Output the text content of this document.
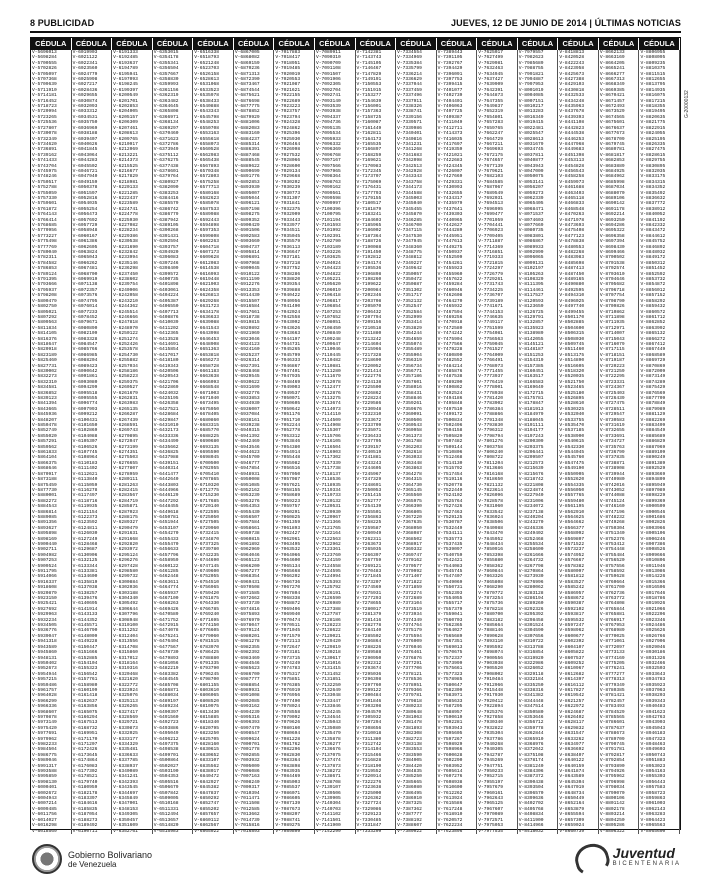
8 PUBLICIDAD	JUEVES, 12 DE JUNIO DE 2014 | ÚLTIMAS NOTICIAS
G-20000132
CÉDULA	CÉDULA	CÉDULA	CÉDULA	CÉDULA	CÉDULA	CÉDULA	CÉDULA	CÉDULA	CÉDULA	CÉDULA	CÉDULA	CÉDULA	CÉDULA	CÉDULA	CÉDULA
V-5696013
V-5698284
V-5700555
V-5702826
V-5705097
V-5707368
V-5709639
V-5711910
V-5714181
V-5716452
V-5718723
V-5720994
V-5723265
V-5725536
V-5727807
V-5730078
V-5732349
V-5734620
V-5736891
V-5739162
V-5741433
V-5743704
V-5745975
V-5748246
V-5750517
V-5752788
V-5755059
V-5757330
V-5759601
V-5761872
V-5764143
V-5766414
V-5768685
V-5770956
V-5773227
V-5775498
V-5777769
V-5780040
V-5782311
V-5784582
V-5786853
V-5789124
V-5791395
V-5793666
V-5795937
V-5798208
V-5800479
V-5802750
V-5805021
V-5807292
V-5809563
V-5811834
V-5814105
V-5816376
V-5818647
V-5820918
V-5823189
V-5825460
V-5827731
V-5830002
V-5832273
V-5832310
V-5834581
V-5836852
V-5839123
V-5841394
V-5843665
V-5845936
V-5848207
V-5850478
V-5852749
V-5855020
V-5857291
V-5859562
V-5861833
V-5864104
V-5866375
V-5868646
V-5870917
V-5873188
V-5875459
V-5877730
V-5880001
V-5882272
V-5884543
V-5886814
V-5889085
V-5891356
V-5893627
V-5895898
V-5898169
V-5900440
V-5902711
V-5904982
V-5907253
V-5909524
V-5911795
V-5914066
V-5916337
V-5918608
V-5920879
V-5923150
V-5925421
V-5927692
V-5929963
V-5932234
V-5934505
V-5936776
V-5939047
V-5941318
V-5943589
V-5945860
V-5948131
V-5950402
V-5952673
V-5954944
V-5957215
V-5959486
V-5961757
V-5964028
V-5966299
V-5966336
V-5968607
V-5970878
V-5973149
V-5975420
V-5977691
V-5979962
V-5982233
V-5984504
V-5986775
V-5989046
V-5991317
V-5993588
V-5995859
V-5998130
V-6000401
V-6002672
V-6004943
V-6007214
V-6009485
V-6011756
V-6014027
V-6016298
V-6018569
V-6019903
V-6021122
V-6022341
V-6023560
V-6024779
V-6025998
V-6027217
V-6028436
V-6029655
V-6030874
V-6032093
V-6033312
V-6034531
V-6035750
V-6036969
V-6038188
V-6039407
V-6040626
V-6041845
V-6043064
V-6044283
V-6045502
V-6046721
V-6047940
V-6049159
V-6050378
V-6051597
V-6052816
V-6054035
V-6055254
V-6056473
V-6057692
V-6057729
V-6058948
V-6060167
V-6061386
V-6062605
V-6063824
V-6065043
V-6066262
V-6067481
V-6068700
V-6069919
V-6071138
V-6072357
V-6073576
V-6074795
V-6076014
V-6077233
V-6078452
V-6079671
V-6080890
V-6082109
V-6083328
V-6084547
V-6085766
V-6086985
V-6088204
V-6089423
V-6090642
V-6091861
V-6093080
V-6094299
V-6095518
V-6095555
V-6096774
V-6097993
V-6099212
V-6100431
V-6101650
V-6102869
V-6104088
V-6105307
V-6106526
V-6107745
V-6108964
V-6110183
V-6111402
V-6112621
V-6113840
V-6115059
V-6116278
V-6117497
V-6118716
V-6119935
V-6121154
V-6122373
V-6123592
V-6124811
V-6126030
V-6127249
V-6128468
V-6129687
V-6130906
V-6132125
V-6133344
V-6133381
V-6134600
V-6135819
V-6137038
V-6138257
V-6139476
V-6140695
V-6141914
V-6143133
V-6144352
V-6145571
V-6146790
V-6148009
V-6149228
V-6150447
V-6151666
V-6152885
V-6154104
V-6155323
V-6156542
V-6157761
V-6158980
V-6160199
V-6161418
V-6162637
V-6163856
V-6165075
V-6166294
V-6167513
V-6168732
V-6169951
V-6171170
V-6171207
V-6172426
V-6173645
V-6174864
V-6176083
V-6177302
V-6178521
V-6179740
V-6180959
V-6182178
V-6183397
V-6184616
V-6185835
V-6187054
V-6188273
V-6189492
V-6190711
V-6191333
V-6192485
V-6193637
V-6194789
V-6195941
V-6197093
V-6198245
V-6199397
V-6200549
V-6201701
V-6202853
V-6204005
V-6205157
V-6206309
V-6207461
V-6208613
V-6209765
V-6210917
V-6212069
V-6213221
V-6214373
V-6215525
V-6216677
V-6217829
V-6218981
V-6220133
V-6221285
V-6222437
V-6223589
V-6224741
V-6224778
V-6225930
V-6227082
V-6228234
V-6229386
V-6230538
V-6231690
V-6232842
V-6233994
V-6235146
V-6236298
V-6237450
V-6238602
V-6239754
V-6240906
V-6242058
V-6243210
V-6244362
V-6245514
V-6246666
V-6247818
V-6248970
V-6250122
V-6251274
V-6252426
V-6253578
V-6254730
V-6255882
V-6257034
V-6258186
V-6258223
V-6259375
V-6260527
V-6261679
V-6262831
V-6263983
V-6265135
V-6266287
V-6267439
V-6268591
V-6269743
V-6270895
V-6272047
V-6273199
V-6274351
V-6275503
V-6276655
V-6277807
V-6278959
V-6280111
V-6281263
V-6282415
V-6283567
V-6284719
V-6285871
V-6287023
V-6288175
V-6289327
V-6290479
V-6291631
V-6291668
V-6292820
V-6293972
V-6295124
V-6296276
V-6297428
V-6298580
V-6299732
V-6300884
V-6302036
V-6303188
V-6304340
V-6305492
V-6306644
V-6307796
V-6308948
V-6310100
V-6311252
V-6312404
V-6313556
V-6314708
V-6315860
V-6317012
V-6318164
V-6319316
V-6320468
V-6321620
V-6322772
V-6323924
V-6325076
V-6325113
V-6326265
V-6327417
V-6328569
V-6329721
V-6330873
V-6332025
V-6333177
V-6334329
V-6335481
V-6336633
V-6337785
V-6338937
V-6340089
V-6341241
V-6342393
V-6343545
V-6344697
V-6345849
V-6347001
V-6348153
V-6349305
V-6350457
V-6351609
V-6352761
V-6353015
V-6354178
V-6355341
V-6356504
V-6357667
V-6358830
V-6359993
V-6361156
V-6362319
V-6363482
V-6364645
V-6365808
V-6366971
V-6368134
V-6369297
V-6370460
V-6371623
V-6372786
V-6373949
V-6375112
V-6376275
V-6377438
V-6378601
V-6379764
V-6380927
V-6382090
V-6383253
V-6384416
V-6385579
V-6386742
V-6386779
V-6387942
V-6389105
V-6390268
V-6391431
V-6392594
V-6393757
V-6394920
V-6396083
V-6397246
V-6398409
V-6399572
V-6400735
V-6401898
V-6403061
V-6404224
V-6405387
V-6406550
V-6407713
V-6408876
V-6410039
V-6411202
V-6412365
V-6413528
V-6414691
V-6415854
V-6417017
V-6418180
V-6419343
V-6420506
V-6420543
V-6421706
V-6422869
V-6424032
V-6425195
V-6426358
V-6427521
V-6428684
V-6429847
V-6431010
V-6432173
V-6433336
V-6434499
V-6435662
V-6436825
V-6437988
V-6439151
V-6440314
V-6441477
V-6442640
V-6443803
V-6444966
V-6446129
V-6447292
V-6448455
V-6449618
V-6450781
V-6451944
V-6453107
V-6454270
V-6455433
V-6455470
V-6456633
V-6457796
V-6458959
V-6460122
V-6461285
V-6462448
V-6463611
V-6464774
V-6465937
V-6467100
V-6468263
V-6469426
V-6470589
V-6471752
V-6472915
V-6474078
V-6475241
V-6476404
V-6477567
V-6478730
V-6479893
V-6481056
V-6482219
V-6483382
V-6484545
V-6485708
V-6486871
V-6488034
V-6489197
V-6489234
V-6490397
V-6491560
V-6492723
V-6493886
V-6495049
V-6496212
V-6497375
V-6498538
V-6499701
V-6500864
V-6502027
V-6503190
V-6504353
V-6505516
V-6506679
V-6507842
V-6509005
V-6510168
V-6511331
V-6512494
V-6513657
V-6514820
V-6515983
V-6516338
V-6518793
V-6521248
V-6523703
V-6526158
V-6528613
V-6531068
V-6533523
V-6535978
V-6538433
V-6540888
V-6543343
V-6545798
V-6548253
V-6550708
V-6553163
V-6555618
V-6558073
V-6560528
V-6562983
V-6565438
V-6567893
V-6570348
V-6572803
V-6575258
V-6577713
V-6580168
V-6582623
V-6585078
V-6587533
V-6589988
V-6592443
V-6594898
V-6597353
V-6599808
V-6602263
V-6604718
V-6607173
V-6609628
V-6612083
V-6614538
V-6616993
V-6619448
V-6621903
V-6624358
V-6626813
V-6629268
V-6631723
V-6634178
V-6636633
V-6639088
V-6641543
V-6643998
V-6646453
V-6648908
V-6651363
V-6653818
V-6656273
V-6658728
V-6661183
V-6663638
V-6666093
V-6668548
V-6671003
V-6671040
V-6673495
V-6675950
V-6678405
V-6680860
V-6683315
V-6685770
V-6688225
V-6690680
V-6693135
V-6695590
V-6698045
V-6700500
V-6702955
V-6705410
V-6707865
V-6710320
V-6712775
V-6715230
V-6717685
V-6720140
V-6722595
V-6725050
V-6727505
V-6729960
V-6732415
V-6734870
V-6737325
V-6739780
V-6742235
V-6744690
V-6747145
V-6749600
V-6752055
V-6754510
V-6756965
V-6759420
V-6761875
V-6764330
V-6766785
V-6769240
V-6771695
V-6774150
V-6776605
V-6779060
V-6781515
V-6783970
V-6786425
V-6788880
V-6791335
V-6793790
V-6796245
V-6798700
V-6801155
V-6803610
V-6806065
V-6808520
V-6810975
V-6813430
V-6815885
V-6818340
V-6820795
V-6823250
V-6825705
V-6828160
V-6830615
V-6830652
V-6833107
V-6835562
V-6838017
V-6840472
V-6842927
V-6845382
V-6847837
V-6850292
V-6852747
V-6855202
V-6857657
V-6860112
V-6862567
V-6865022
V-6867005
V-6868082
V-6869159
V-6870236
V-6871313
V-6872390
V-6873467
V-6874544
V-6875621
V-6876698
V-6877775
V-6878852
V-6879929
V-6881006
V-6882083
V-6883160
V-6884237
V-6885314
V-6886391
V-6887468
V-6888545
V-6889622
V-6890699
V-6891776
V-6892853
V-6893930
V-6895007
V-6895044
V-6896121
V-6897198
V-6898275
V-6899352
V-6900429
V-6901506
V-6902583
V-6903660
V-6904737
V-6905814
V-6906891
V-6907968
V-6909045
V-6910122
V-6911199
V-6912276
V-6913353
V-6914430
V-6915507
V-6916584
V-6917661
V-6918738
V-6919815
V-6920892
V-6921969
V-6923046
V-6924123
V-6924160
V-6925237
V-6926314
V-6927391
V-6928468
V-6929545
V-6930622
V-6931699
V-6932776
V-6933853
V-6934930
V-6936007
V-6937084
V-6938161
V-6939238
V-6940315
V-6941392
V-6942469
V-6943546
V-6944623
V-6945700
V-6946777
V-6947854
V-6948931
V-6950008
V-6951085
V-6952162
V-6953239
V-6953276
V-6954353
V-6955430
V-6956507
V-6957584
V-6958661
V-6959738
V-6960815
V-6961892
V-6962969
V-6964046
V-6965123
V-6966200
V-6967277
V-6968354
V-6969431
V-6970508
V-6971585
V-6972662
V-6973739
V-6974816
V-6975893
V-6976970
V-6978047
V-6979124
V-6980201
V-6981278
V-6982355
V-6982392
V-6983469
V-6984546
V-6985623
V-6986700
V-6987777
V-6988854
V-6989931
V-6991008
V-6992085
V-6993162
V-6994239
V-6995316
V-6996393
V-6997470
V-6998547
V-6999624
V-7000701
V-7001778
V-7002855
V-7003932
V-7005009
V-7006086
V-7007163
V-7008240
V-7009317
V-7010394
V-7011471
V-7011508
V-7012585
V-7013662
V-7014739
V-7015816
V-7016893
V-7017883
V-7018417
V-7018951
V-7019485
V-7020019
V-7020553
V-7021087
V-7021621
V-7022155
V-7022689
V-7023223
V-7023757
V-7023794
V-7024328
V-7024862
V-7025396
V-7025930
V-7026464
V-7026998
V-7027532
V-7028066
V-7028600
V-7029134
V-7029668
V-7030202
V-7030239
V-7030773
V-7031307
V-7031841
V-7032375
V-7032909
V-7033443
V-7033977
V-7034511
V-7035045
V-7035579
V-7036113
V-7036647
V-7037181
V-7037218
V-7037752
V-7038286
V-7038820
V-7039354
V-7039888
V-7040422
V-7040956
V-7041490
V-7042024
V-7042558
V-7043092
V-7043626
V-7043663
V-7044197
V-7044731
V-7045265
V-7045799
V-7046333
V-7046867
V-7047401
V-7047935
V-7048469
V-7049003
V-7049537
V-7050071
V-7050605
V-7050642
V-7051176
V-7051710
V-7052244
V-7052778
V-7053312
V-7053846
V-7054380
V-7054914
V-7055448
V-7055982
V-7056516
V-7057050
V-7057087
V-7057621
V-7058155
V-7058689
V-7059223
V-7059757
V-7060291
V-7060825
V-7061359
V-7061893
V-7062427
V-7062961
V-7063495
V-7063532
V-7064066
V-7064600
V-7065134
V-7065668
V-7066202
V-7066736
V-7067270
V-7067804
V-7068338
V-7068872
V-7069406
V-7069940
V-7070474
V-7070511
V-7071045
V-7071579
V-7072113
V-7072647
V-7073181
V-7073715
V-7074249
V-7074783
V-7075317
V-7075851
V-7076385
V-7076919
V-7076956
V-7077490
V-7078024
V-7078558
V-7079092
V-7079626
V-7080160
V-7080694
V-7081228
V-7081762
V-7082296
V-7082830
V-7083364
V-7083898
V-7083935
V-7084469
V-7085003
V-7085537
V-7086071
V-7086605
V-7087139
V-7087673
V-7088207
V-7088741
V-7089275
V-7089809
V-7089911
V-7090310
V-7090709
V-7091108
V-7091507
V-7091906
V-7092305
V-7092704
V-7092741
V-7093140
V-7093539
V-7093938
V-7094337
V-7094736
V-7095135
V-7095534
V-7095933
V-7096332
V-7096369
V-7096768
V-7097167
V-7097566
V-7097965
V-7098364
V-7098763
V-7099162
V-7099561
V-7099598
V-7099997
V-7100396
V-7100795
V-7101194
V-7101593
V-7101992
V-7102391
V-7102790
V-7103189
V-7103226
V-7103625
V-7104024
V-7104423
V-7104822
V-7105221
V-7105620
V-7106019
V-7106418
V-7106817
V-7106854
V-7107253
V-7107652
V-7108051
V-7108450
V-7108849
V-7109248
V-7109647
V-7110046
V-7110445
V-7110482
V-7110881
V-7111280
V-7111679
V-7112078
V-7112477
V-7112876
V-7113275
V-7113674
V-7114073
V-7114110
V-7114509
V-7114908
V-7115307
V-7115706
V-7116105
V-7116504
V-7116903
V-7117302
V-7117339
V-7117738
V-7118137
V-7118536
V-7118935
V-7119334
V-7119733
V-7120132
V-7120531
V-7120930
V-7120967
V-7121366
V-7121765
V-7122164
V-7122563
V-7122962
V-7123361
V-7123760
V-7124159
V-7124558
V-7124595
V-7124994
V-7125393
V-7125792
V-7126191
V-7126590
V-7126989
V-7127388
V-7127787
V-7128186
V-7128223
V-7128622
V-7129021
V-7129420
V-7129819
V-7130218
V-7130617
V-7131016
V-7131415
V-7131452
V-7131851
V-7132250
V-7132649
V-7133048
V-7133447
V-7133846
V-7134245
V-7134644
V-7135043
V-7135080
V-7135479
V-7135878
V-7136277
V-7136676
V-7137075
V-7137474
V-7137873
V-7138272
V-7138671
V-7138708
V-7139107
V-7139506
V-7139905
V-7140304
V-7140703
V-7141102
V-7141501
V-7141900
V-7142299
V-7142381
V-7143743
V-7145105
V-7146467
V-7147829
V-7149191
V-7150553
V-7151915
V-7153277
V-7154639
V-7156001
V-7157363
V-7158725
V-7160087
V-7161449
V-7162811
V-7164173
V-7165535
V-7166897
V-7168259
V-7169621
V-7170983
V-7172345
V-7173707
V-7175069
V-7176431
V-7177793
V-7179155
V-7180517
V-7181879
V-7183241
V-7184603
V-7185965
V-7186002
V-7187364
V-7188726
V-7190088
V-7191450
V-7192812
V-7194174
V-7195536
V-7196898
V-7198260
V-7199622
V-7200984
V-7202346
V-7203708
V-7205070
V-7206432
V-7207794
V-7209156
V-7210518
V-7211880
V-7213242
V-7214604
V-7215966
V-7217328
V-7218690
V-7220052
V-7221414
V-7222776
V-7224138
V-7225500
V-7226862
V-7228224
V-7229586
V-7230948
V-7232310
V-7233672
V-7233709
V-7235071
V-7236433
V-7237795
V-7239157
V-7240519
V-7241881
V-7243243
V-7244605
V-7245967
V-7247329
V-7248691
V-7250053
V-7251415
V-7252777
V-7254139
V-7255501
V-7256863
V-7258225
V-7259587
V-7260949
V-7262311
V-7263673
V-7265035
V-7266397
V-7267759
V-7269121
V-7270483
V-7271845
V-7273207
V-7274569
V-7275931
V-7277293
V-7278655
V-7280017
V-7281379
V-7281416
V-7282778
V-7284140
V-7285502
V-7286864
V-7288226
V-7289588
V-7290950
V-7292312
V-7293674
V-7295036
V-7296398
V-7297760
V-7299122
V-7300484
V-7301846
V-7303208
V-7304570
V-7305932
V-7307294
V-7308656
V-7310018
V-7311380
V-7312742
V-7314104
V-7315466
V-7316828
V-7318190
V-7319552
V-7320914
V-7322276
V-7323638
V-7325000
V-7326362
V-7327724
V-7329086
V-7329123
V-7330485
V-7331847
V-7333209
V-7334554
V-7334969
V-7335384
V-7335799
V-7336214
V-7336629
V-7337044
V-7337459
V-7337496
V-7337911
V-7338326
V-7338741
V-7339156
V-7339571
V-7339986
V-7340401
V-7340816
V-7341231
V-7341268
V-7341683
V-7342098
V-7342513
V-7342928
V-7343343
V-7343758
V-7344173
V-7344588
V-7345003
V-7345040
V-7345455
V-7345870
V-7346285
V-7346700
V-7347115
V-7347530
V-7347945
V-7348360
V-7348775
V-7348812
V-7349227
V-7349642
V-7350057
V-7350472
V-7350887
V-7351302
V-7351717
V-7352132
V-7352547
V-7352584
V-7352999
V-7353414
V-7353829
V-7354244
V-7354659
V-7355074
V-7355489
V-7355904
V-7356319
V-7356734
V-7356771
V-7357186
V-7357601
V-7358016
V-7358431
V-7358846
V-7359261
V-7359676
V-7360091
V-7360506
V-7360543
V-7360958
V-7361373
V-7361788
V-7362203
V-7362618
V-7363033
V-7363448
V-7363863
V-7364278
V-7364315
V-7364730
V-7365145
V-7365560
V-7365975
V-7366390
V-7366805
V-7367220
V-7367635
V-7368050
V-7368087
V-7368502
V-7368917
V-7369332
V-7369747
V-7370162
V-7370577
V-7370992
V-7371407
V-7371822
V-7371859
V-7372274
V-7372689
V-7373104
V-7373519
V-7373934
V-7374349
V-7374764
V-7375179
V-7375594
V-7376009
V-7376046
V-7376461
V-7376876
V-7377291
V-7377706
V-7378121
V-7378536
V-7378951
V-7379366
V-7379781
V-7379818
V-7380233
V-7380648
V-7381063
V-7381478
V-7381893
V-7382308
V-7382723
V-7383138
V-7383553
V-7383590
V-7384005
V-7384420
V-7384835
V-7385250
V-7385665
V-7386080
V-7386495
V-7386910
V-7387325
V-7387362
V-7387777
V-7388192
V-7388607
V-7389022
V-7389443
V-7391105
V-7392767
V-7394429
V-7396091
V-7397753
V-7399415
V-7401077
V-7402739
V-7404401
V-7406063
V-7407725
V-7409387
V-7411049
V-7412711
V-7414373
V-7416035
V-7417697
V-7419359
V-7421021
V-7422683
V-7424345
V-7426007
V-7427669
V-7429331
V-7430993
V-7432655
V-7434317
V-7435979
V-7437641
V-7439303
V-7440965
V-7442627
V-7444289
V-7445951
V-7447613
V-7449275
V-7450937
V-7452599
V-7454261
V-7455923
V-7455960
V-7457622
V-7459284
V-7460946
V-7462608
V-7464270
V-7465932
V-7467594
V-7469256
V-7470918
V-7472580
V-7474242
V-7475904
V-7477566
V-7479228
V-7480890
V-7482552
V-7484214
V-7485876
V-7487538
V-7489200
V-7490862
V-7492524
V-7494186
V-7495848
V-7497510
V-7499172
V-7500834
V-7502496
V-7504158
V-7505820
V-7507482
V-7509144
V-7510806
V-7512468
V-7514130
V-7515792
V-7517454
V-7519116
V-7520778
V-7522440
V-7524102
V-7525764
V-7527426
V-7527463
V-7529125
V-7530787
V-7532449
V-7534111
V-7535773
V-7537435
V-7539097
V-7540759
V-7542421
V-7544083
V-7545745
V-7547407
V-7549069
V-7550731
V-7552393
V-7554055
V-7555717
V-7557379
V-7559041
V-7560703
V-7562365
V-7564027
V-7565689
V-7567351
V-7569013
V-7570675
V-7572337
V-7573999
V-7575661
V-7577323
V-7578985
V-7580647
V-7582309
V-7583971
V-7585633
V-7587295
V-7588957
V-7590619
V-7592281
V-7593943
V-7595605
V-7597267
V-7598929
V-7598966
V-7600628
V-7602290
V-7603952
V-7605614
V-7607276
V-7608938
V-7610600
V-7612262
V-7613924
V-7615586
V-7617248
V-7618910
V-7620572
V-7622234
V-7623896
V-7625017
V-7627499
V-7629981
V-7632463
V-7634945
V-7637427
V-7639909
V-7642391
V-7644873
V-7647355
V-7649837
V-7652319
V-7654801
V-7657283
V-7659765
V-7662247
V-7664729
V-7667211
V-7669693
V-7672175
V-7674657
V-7677139
V-7679621
V-7682103
V-7684585
V-7687067
V-7689549
V-7692031
V-7694513
V-7696995
V-7699477
V-7701959
V-7704441
V-7706923
V-7709405
V-7711887
V-7714369
V-7716851
V-7719333
V-7721815
V-7724297
V-7726779
V-7729261
V-7731743
V-7734225
V-7736707
V-7739189
V-7741671
V-7744153
V-7746635
V-7749117
V-7751599
V-7754081
V-7756563
V-7759045
V-7761527
V-7764009
V-7766491
V-7768973
V-7771455
V-7773937
V-7776419
V-7778901
V-7778938
V-7781420
V-7783902
V-7786384
V-7788866
V-7791348
V-7793830
V-7796312
V-7798794
V-7801276
V-7803758
V-7806240
V-7808722
V-7811204
V-7813686
V-7816168
V-7818650
V-7821132
V-7823614
V-7826096
V-7828578
V-7831060
V-7833542
V-7836024
V-7838506
V-7840988
V-7843470
V-7845952
V-7848434
V-7850916
V-7853398
V-7855880
V-7858362
V-7860844
V-7863326
V-7865808
V-7868290
V-7870772
V-7873254
V-7875736
V-7878218
V-7880700
V-7883182
V-7885664
V-7888146
V-7890628
V-7893110
V-7895592
V-7898074
V-7900556
V-7903038
V-7905520
V-7908002
V-7910484
V-7912966
V-7915448
V-7917930
V-7920412
V-7922894
V-7925376
V-7927858
V-7930340
V-7932822
V-7935304
V-7937786
V-7940268
V-7940305
V-7942787
V-7945269
V-7947751
V-7950233
V-7952715
V-7955197
V-7957679
V-7960161
V-7962643
V-7965125
V-7967607
V-7970089
V-7972571
V-7975053
V-7977535
V-7979557
V-7982623
V-7985689
V-7988755
V-7991821
V-7994887
V-7997953
V-8001019
V-8004085
V-8007151
V-8010217
V-8013283
V-8016349
V-8019415
V-8022481
V-8025547
V-8028613
V-8031679
V-8034745
V-8037811
V-8040877
V-8043943
V-8047009
V-8050075
V-8053141
V-8056207
V-8059273
V-8062339
V-8065405
V-8068471
V-8071537
V-8074603
V-8077669
V-8080735
V-8083801
V-8086867
V-8089933
V-8092999
V-8096065
V-8099131
V-8102197
V-8105263
V-8108329
V-8111395
V-8114461
V-8117527
V-8120593
V-8123659
V-8126725
V-8129791
V-8132857
V-8135923
V-8138989
V-8142055
V-8145121
V-8148187
V-8151253
V-8154319
V-8157385
V-8160451
V-8163517
V-8166583
V-8169649
V-8172715
V-8175781
V-8178847
V-8181913
V-8184979
V-8188045
V-8191111
V-8194177
V-8197243
V-8200309
V-8203375
V-8206441
V-8209507
V-8212573
V-8215639
V-8215676
V-8218742
V-8221808
V-8224874
V-8227940
V-8231006
V-8234072
V-8237138
V-8240204
V-8243270
V-8246336
V-8249402
V-8252468
V-8255534
V-8258600
V-8261666
V-8264732
V-8267798
V-8270864
V-8273930
V-8276996
V-8280062
V-8283128
V-8286194
V-8289260
V-8292326
V-8295392
V-8298458
V-8301524
V-8304590
V-8307656
V-8310722
V-8313788
V-8316854
V-8319920
V-8322986
V-8326052
V-8329118
V-8332184
V-8335250
V-8338316
V-8341382
V-8344448
V-8347514
V-8350580
V-8353646
V-8356712
V-8359778
V-8362844
V-8365910
V-8368976
V-8372042
V-8375108
V-8378174
V-8381240
V-8384306
V-8387372
V-8390438
V-8393504
V-8396570
V-8399636
V-8402702
V-8405768
V-8408834
V-8411900
V-8414966
V-8418032
V-8418813
V-8420528
V-8422243
V-8423958
V-8425673
V-8427388
V-8429103
V-8430818
V-8432533
V-8434248
V-8435963
V-8437678
V-8439393
V-8441108
V-8442823
V-8444538
V-8446253
V-8447968
V-8449683
V-8451398
V-8453113
V-8454828
V-8456543
V-8458258
V-8459973
V-8461688
V-8463403
V-8465118
V-8466833
V-8468548
V-8470263
V-8471978
V-8473693
V-8475408
V-8477123
V-8478838
V-8480553
V-8482268
V-8483983
V-8485698
V-8487413
V-8487450
V-8489165
V-8490880
V-8492595
V-8494310
V-8496025
V-8497740
V-8499455
V-8501170
V-8502885
V-8504600
V-8506315
V-8508030
V-8509745
V-8511460
V-8513175
V-8514890
V-8516605
V-8518320
V-8520035
V-8521750
V-8523465
V-8525180
V-8526895
V-8528610
V-8530325
V-8532040
V-8533755
V-8535470
V-8537185
V-8538900
V-8540615
V-8542330
V-8544045
V-8545760
V-8547475
V-8549190
V-8550905
V-8552620
V-8554335
V-8556050
V-8557765
V-8559480
V-8561195
V-8562910
V-8564625
V-8564662
V-8566377
V-8568092
V-8569807
V-8571522
V-8573237
V-8574952
V-8576667
V-8578382
V-8580097
V-8581812
V-8583527
V-8585242
V-8586957
V-8588672
V-8590387
V-8592102
V-8593817
V-8595532
V-8597247
V-8598962
V-8600677
V-8602392
V-8604107
V-8605822
V-8607537
V-8609252
V-8610967
V-8612682
V-8614397
V-8616112
V-8617827
V-8619542
V-8621257
V-8622972
V-8624687
V-8626402
V-8628117
V-8629832
V-8631547
V-8633262
V-8634977
V-8636692
V-8638407
V-8640122
V-8640159
V-8641874
V-8643589
V-8645304
V-8647019
V-8648734
V-8650449
V-8652164
V-8653879
V-8655594
V-8657309
V-8659024
V-8660739
V-8662133
V-8663169
V-8664205
V-8665241
V-8666277
V-8667313
V-8668349
V-8669385
V-8670421
V-8671457
V-8672493
V-8673529
V-8674565
V-8675601
V-8676637
V-8677673
V-8678709
V-8679745
V-8680781
V-8681817
V-8682853
V-8683889
V-8684925
V-8684962
V-8685998
V-8687034
V-8688070
V-8689106
V-8690142
V-8691178
V-8692214
V-8693250
V-8694286
V-8695322
V-8696358
V-8697394
V-8698430
V-8699466
V-8700502
V-8701538
V-8702574
V-8703610
V-8704646
V-8705682
V-8706718
V-8707754
V-8708790
V-8709826
V-8710862
V-8711898
V-8711935
V-8712971
V-8714007
V-8715043
V-8716079
V-8717115
V-8718151
V-8719187
V-8720223
V-8721259
V-8722295
V-8723331
V-8724367
V-8725403
V-8726439
V-8727475
V-8728511
V-8729547
V-8730583
V-8731619
V-8732655
V-8733691
V-8734727
V-8735763
V-8736799
V-8737835
V-8738871
V-8738908
V-8739944
V-8740980
V-8742016
V-8743052
V-8744088
V-8745124
V-8746160
V-8747196
V-8748232
V-8749268
V-8750304
V-8751340
V-8752376
V-8753412
V-8754448
V-8755484
V-8756520
V-8757556
V-8758592
V-8759628
V-8760664
V-8761700
V-8762736
V-8763772
V-8764808
V-8765844
V-8765881
V-8766917
V-8767953
V-8768989
V-8770025
V-8771061
V-8772097
V-8773133
V-8774169
V-8775205
V-8776241
V-8777277
V-8778313
V-8779349
V-8780385
V-8781421
V-8782457
V-8783493
V-8784529
V-8785565
V-8786601
V-8787637
V-8788673
V-8789709
V-8790745
V-8791781
V-8792817
V-8792854
V-8793890
V-8794926
V-8795962
V-8796998
V-8798034
V-8799070
V-8800106
V-8801142
V-8802178
V-8803214
V-8804250
V-8805286
V-8806322
V-8806955
V-8808095
V-8809235
V-8810375
V-8811515
V-8812655
V-8813795
V-8814935
V-8816075
V-8817215
V-8818355
V-8819495
V-8820635
V-8821775
V-8822915
V-8824055
V-8825195
V-8826335
V-8827475
V-8828615
V-8829755
V-8830895
V-8832035
V-8833175
V-8834315
V-8834352
V-8835492
V-8836632
V-8837772
V-8838912
V-8840052
V-8841192
V-8842332
V-8843472
V-8844612
V-8845752
V-8846892
V-8848032
V-8849172
V-8850312
V-8851452
V-8852592
V-8853732
V-8854872
V-8856012
V-8857152
V-8858292
V-8859432
V-8860572
V-8861712
V-8862852
V-8863992
V-8865132
V-8866272
V-8867412
V-8867449
V-8868589
V-8869729
V-8870869
V-8872009
V-8873149
V-8874289
V-8875429
V-8876569
V-8877709
V-8878849
V-8879989
V-8881129
V-8882269
V-8883409
V-8884549
V-8885689
V-8886829
V-8887969
V-8889109
V-8890249
V-8891389
V-8892529
V-8893669
V-8894809
V-8895949
V-8897089
V-8898229
V-8899369
V-8900509
V-8900546
V-8901686
V-8902826
V-8903966
V-8905106
V-8906246
V-8907386
V-8908526
V-8909666
V-8910806
V-8911946
V-8913086
V-8914226
V-8915366
V-8916506
V-8917646
V-8918786
V-8919926
V-8921066
V-8922206
V-8923346
V-8924486
V-8925626
V-8926766
V-8927906
V-8929046
V-8930186
V-8931326
V-8932466
V-8932503
V-8933643
V-8934783
V-8935923
V-8937063
V-8938203
V-8939343
V-8940483
V-8941623
V-8942763
V-8943903
V-8945043
V-8946183
V-8947323
V-8948463
V-8949603
V-8950743
V-8951883
V-8953023
V-8954163
V-8955303
V-8956443
V-8957583
V-8958723
V-8959863
V-8961003
V-8962143
V-8963283
V-8964423
V-8965563
V-8965600
Gobierno Bolivariano
de Venezuela
Juventud
BICENTENARIA
